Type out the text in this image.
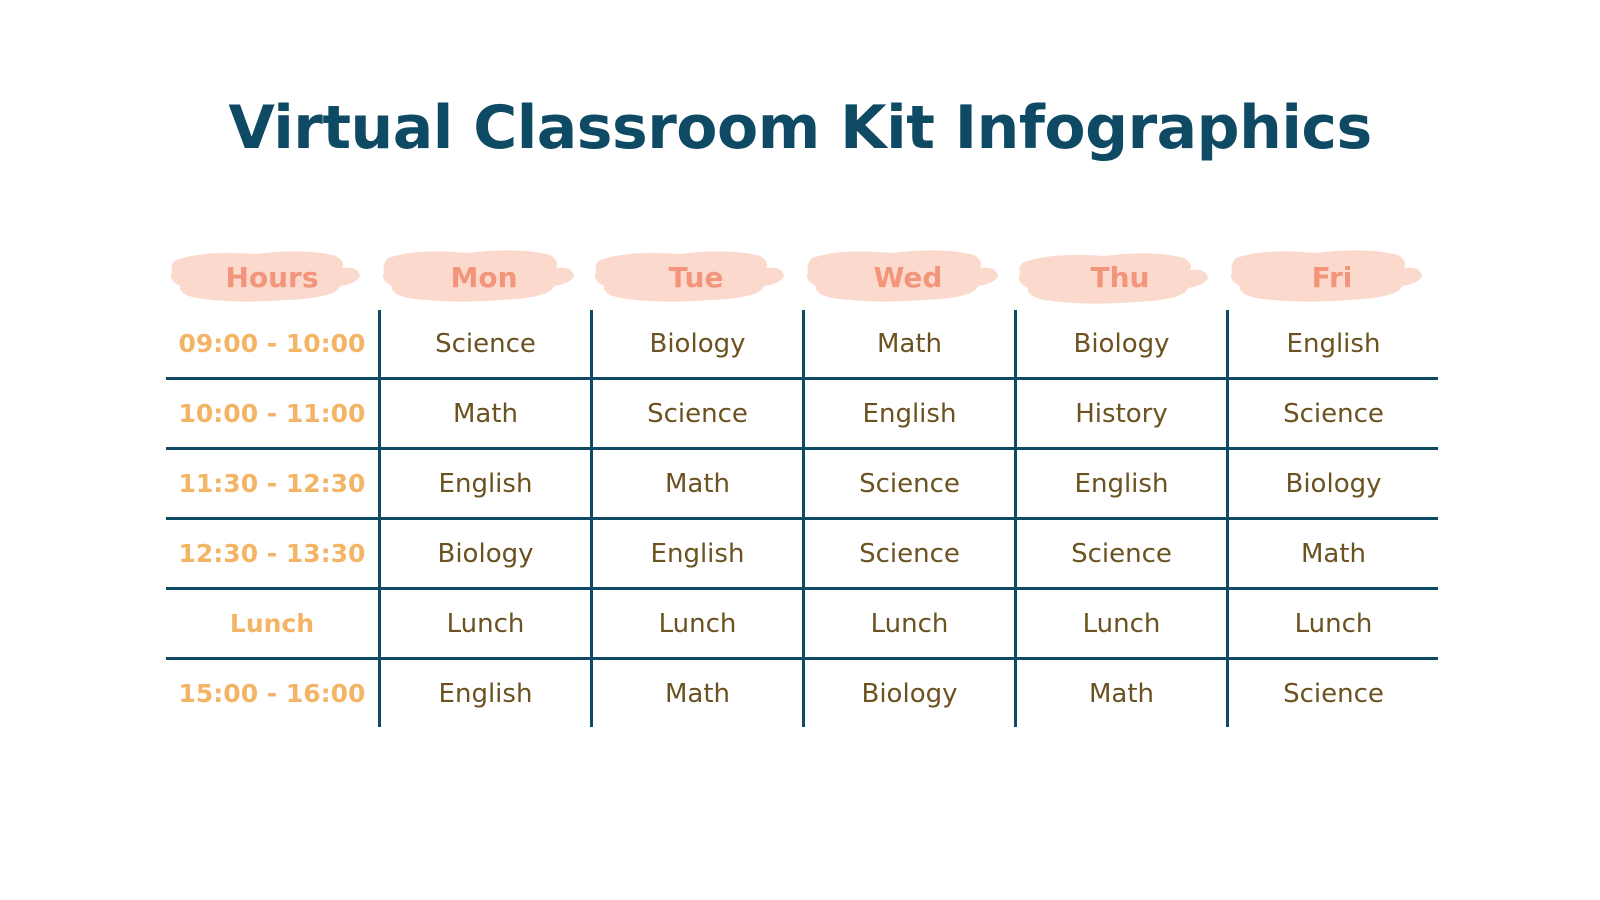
Virtual Classroom Kit Infographics
Hours	Mon	Tue	Wed	Thu	Fri
09:00 - 10:00	Science	Biology	Math	Biology	English
10:00 - 11:00	Math	Science	English	History	Science
11:30 - 12:30	English	Math	Science	English	Biology
12:30 - 13:30	Biology	English	Science	Science	Math
Lunch	Lunch	Lunch	Lunch	Lunch	Lunch
15:00 - 16:00	English	Math	Biology	Math	Science
